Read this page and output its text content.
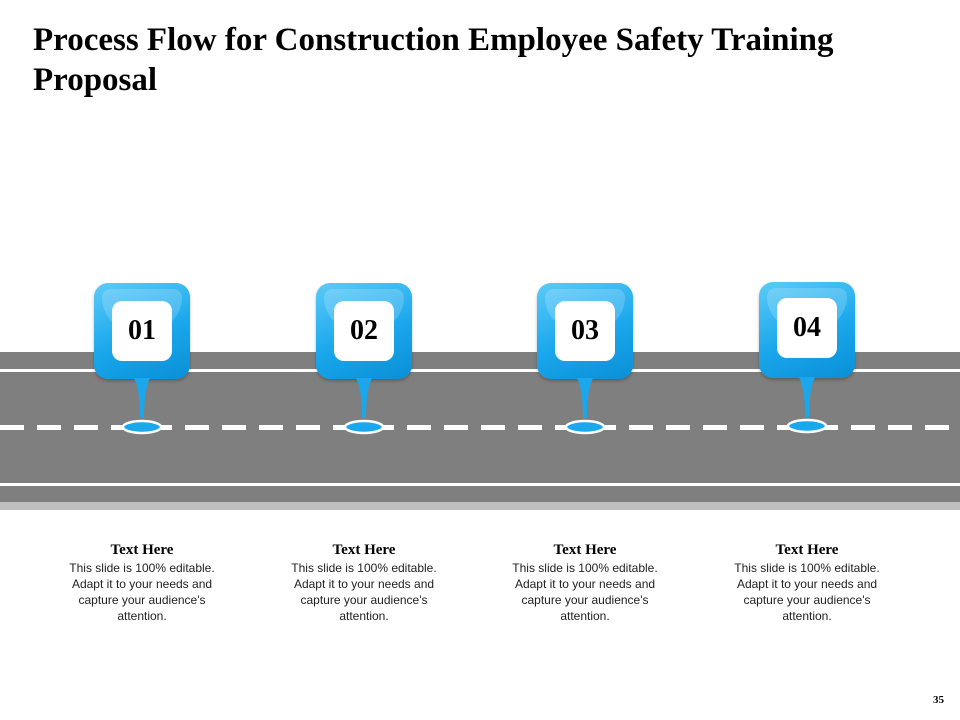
Process Flow for Construction Employee Safety Training Proposal
01
Text Here
This slide is 100% editable. Adapt it to your needs and capture your audience's attention.
02
Text Here
This slide is 100% editable. Adapt it to your needs and capture your audience's attention.
03
Text Here
This slide is 100% editable. Adapt it to your needs and capture your audience's attention.
04
Text Here
This slide is 100% editable. Adapt it to your needs and capture your audience's attention.
35
